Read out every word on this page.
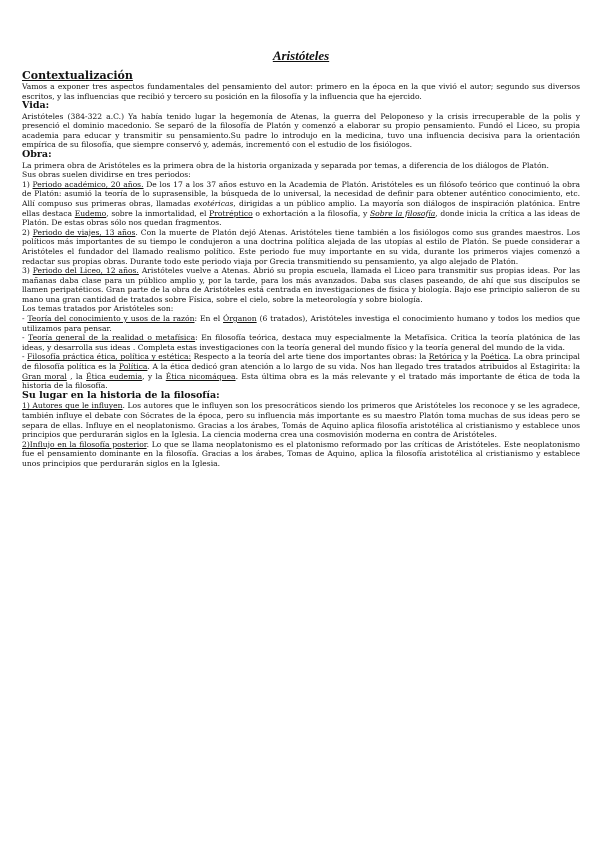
Aristóteles
Contextualización

Vamos a exponer tres aspectos fundamentales del pensamiento del autor: primero en la época en la que vivió el autor; segundo sus diversos escritos, y las influencias que recibió y tercero su posición en la filosofía y la influencia que ha ejercido.

Vida:

Aristóteles (384-322 a.C.) Ya había tenido lugar la hegemonía de Atenas, la guerra del Peloponeso y la crisis irrecuperable de la polis y presenció el dominio macedonio. Se separó de la filosofía de Platón y comenzó a elaborar su propio pensamiento. Fundó el Liceo, su propia academia para educar y transmitir su pensamiento.Su padre lo introdujo en la medicina, tuvo una influencia decisiva para la orientación empírica de su filosofía, que siempre conservó y, además, incrementó con el estudio de los fisiólogos.

Obra:

La primera obra de Aristóteles es la primera obra de la historia organizada y separada por temas, a diferencia de los diálogos de Platón.

Sus obras suelen dividirse en tres periodos:

1) Periodo académico, 20 años. De los 17 a los 37 años estuvo en la Academia de Platón. Aristóteles es un filósofo teórico que continuó la obra de Platón: asumió la teoría de lo suprasensible, la búsqueda de lo universal, la necesidad de definir para obtener auténtico conocimiento, etc. Allí compuso sus primeras obras, llamadas exotéricas, dirigidas a un público amplio. La mayoría son diálogos de inspiración platónica. Entre ellas destaca Eudemo, sobre la inmortalidad, el Protréptico o exhortación a la filosofía, y Sobre la filosofía, donde inicia la crítica a las ideas de Platón. De estas obras sólo nos quedan fragmentos.

2) Periodo de viajes, 13 años. Con la muerte de Platón dejó Atenas. Aristóteles tiene también a los fisiólogos como sus grandes maestros. Los políticos más importantes de su tiempo le condujeron a una doctrina política alejada de las utopías al estilo de Platón. Se puede considerar a Aristóteles el fundador del llamado realismo político. Este periodo fue muy importante en su vida, durante los primeros viajes comenzó a redactar sus propias obras. Durante todo este periodo viaja por Grecia transmitiendo su pensamiento, ya algo alejado de Platón.

3) Periodo del Liceo, 12 años. Aristóteles vuelve a Atenas. Abrió su propia escuela, llamada el Liceo para transmitir sus propias ideas. Por las mañanas daba clase para un público amplio y, por la tarde, para los más avanzados. Daba sus clases paseando, de ahí que sus discípulos se llamen peripatéticos. Gran parte de la obra de Aristóteles está centrada en investigaciones de física y biología. Bajo ese principio salieron de su mano una gran cantidad de tratados sobre Física, sobre el cielo, sobre la meteorología y sobre biología.

Los temas tratados por Aristóteles son:

- Teoría del conocimiento y usos de la razón: En el Órganon (6 tratados), Aristóteles investiga el conocimiento humano y todos los medios que utilizamos para pensar.

- Teoría general de la realidad o metafísica: En filosofía teórica, destaca muy especialmente la Metafísica. Critica la teoría platónica de las ideas, y desarrolla sus ideas . Completa estas investigaciones con la teoría general del mundo físico y la teoría general del mundo de la vida.

- Filosofía práctica ética, política y estética: Respecto a la teoría del arte tiene dos importantes obras: la Retórica y la Poética. La obra principal de filosofía política es la Política. A la ética dedicó gran atención a lo largo de su vida. Nos han llegado tres tratados atribuidos al Estagirita: la Gran moral , la Ética eudemia, y la Ética nicomáquea. Esta última obra es la más relevante y el tratado más importante de ética de toda la historia de la filosofía.

Su lugar en la historia de la filosofía:

1) Autores que le influyen. Los autores que le influyen son los presocráticos siendo los primeros que Aristóteles los reconoce y se les agradece, también influye el debate con Sócrates de la época, pero su influencia más importante es su maestro Platón toma muchas de sus ideas pero se separa de ellas. Influye en el neoplatonismo. Gracias a los árabes, Tomás de Aquino aplica filosofía aristotélica al cristianismo y establece unos principios que perdurarán siglos en la Iglesia. La ciencia moderna crea una cosmovisión moderna en contra de Aristóteles.

2)Influjo en la filosofía posterior. Lo que se llama neoplatonismo es el platonismo reformado por las críticas de Aristóteles. Este neoplatonismo fue el pensamiento dominante en la filosofía. Gracias a los árabes, Tomas de Aquino, aplica la filosofía aristotélica al cristianismo y establece unos principios que perdurarán siglos en la Iglesia.
